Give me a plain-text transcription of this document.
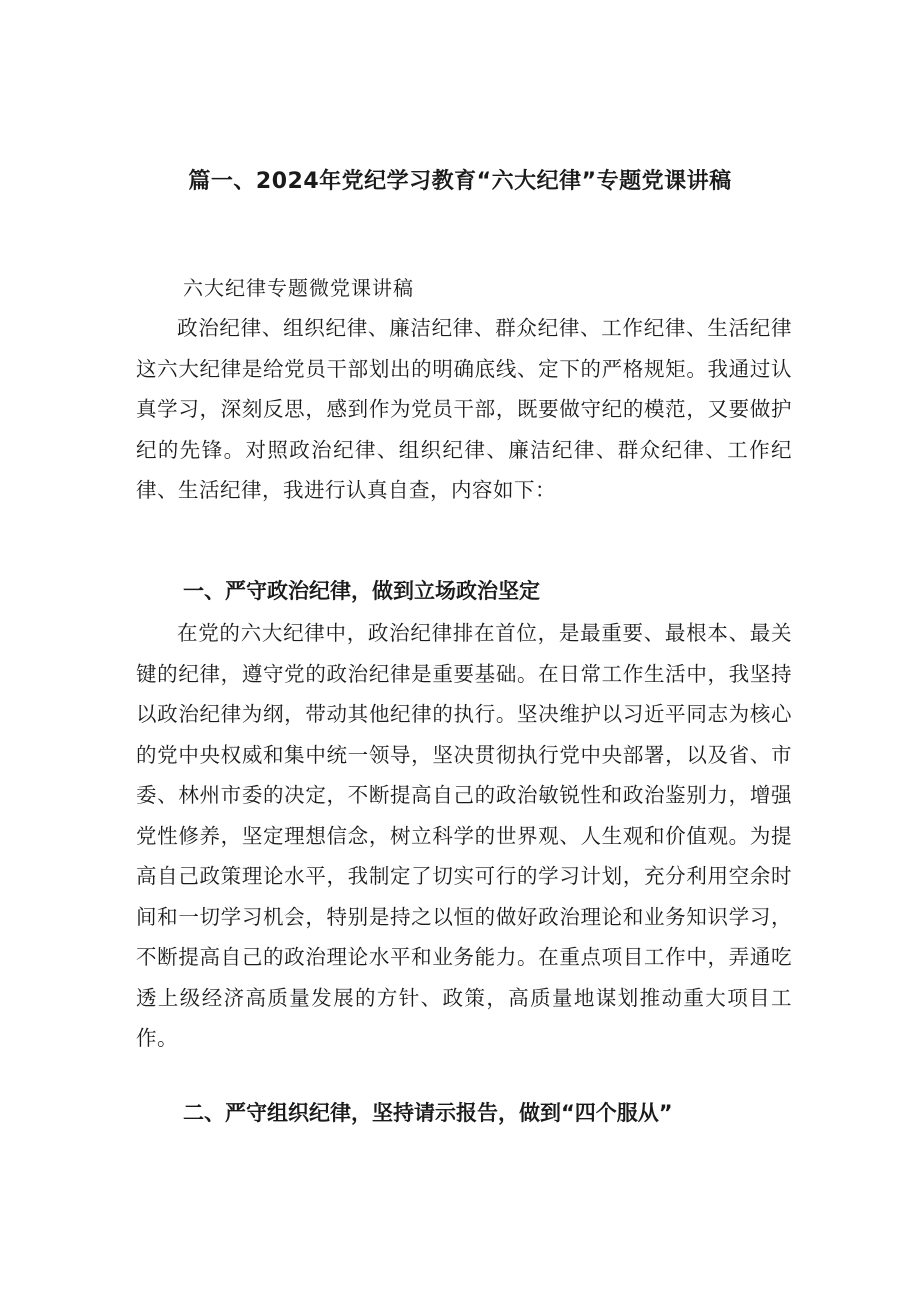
篇一、2024年党纪学习教育“六大纪律”专题党课讲稿
六大纪律专题微党课讲稿

政治纪律、组织纪律、廉洁纪律、群众纪律、工作纪律、生活纪律这六大纪律是给党员干部划出的明确底线、定下的严格规矩。我通过认真学习，深刻反思，感到作为党员干部，既要做守纪的模范，又要做护纪的先锋。对照政治纪律、组织纪律、廉洁纪律、群众纪律、工作纪律、生活纪律，我进行认真自查，内容如下：

一、严守政治纪律，做到立场政治坚定

在党的六大纪律中，政治纪律排在首位，是最重要、最根本、最关键的纪律，遵守党的政治纪律是重要基础。在日常工作生活中，我坚持以政治纪律为纲，带动其他纪律的执行。坚决维护以习近平同志为核心的党中央权威和集中统一领导，坚决贯彻执行党中央部署，以及省、市委、林州市委的决定，不断提高自己的政治敏锐性和政治鉴别力，增强党性修养，坚定理想信念，树立科学的世界观、人生观和价值观。为提高自己政策理论水平，我制定了切实可行的学习计划，充分利用空余时间和一切学习机会，特别是持之以恒的做好政治理论和业务知识学习，不断提高自己的政治理论水平和业务能力。在重点项目工作中，弄通吃透上级经济高质量发展的方针、政策，高质量地谋划推动重大项目工作。

二、严守组织纪律，坚持请示报告，做到“四个服从”
